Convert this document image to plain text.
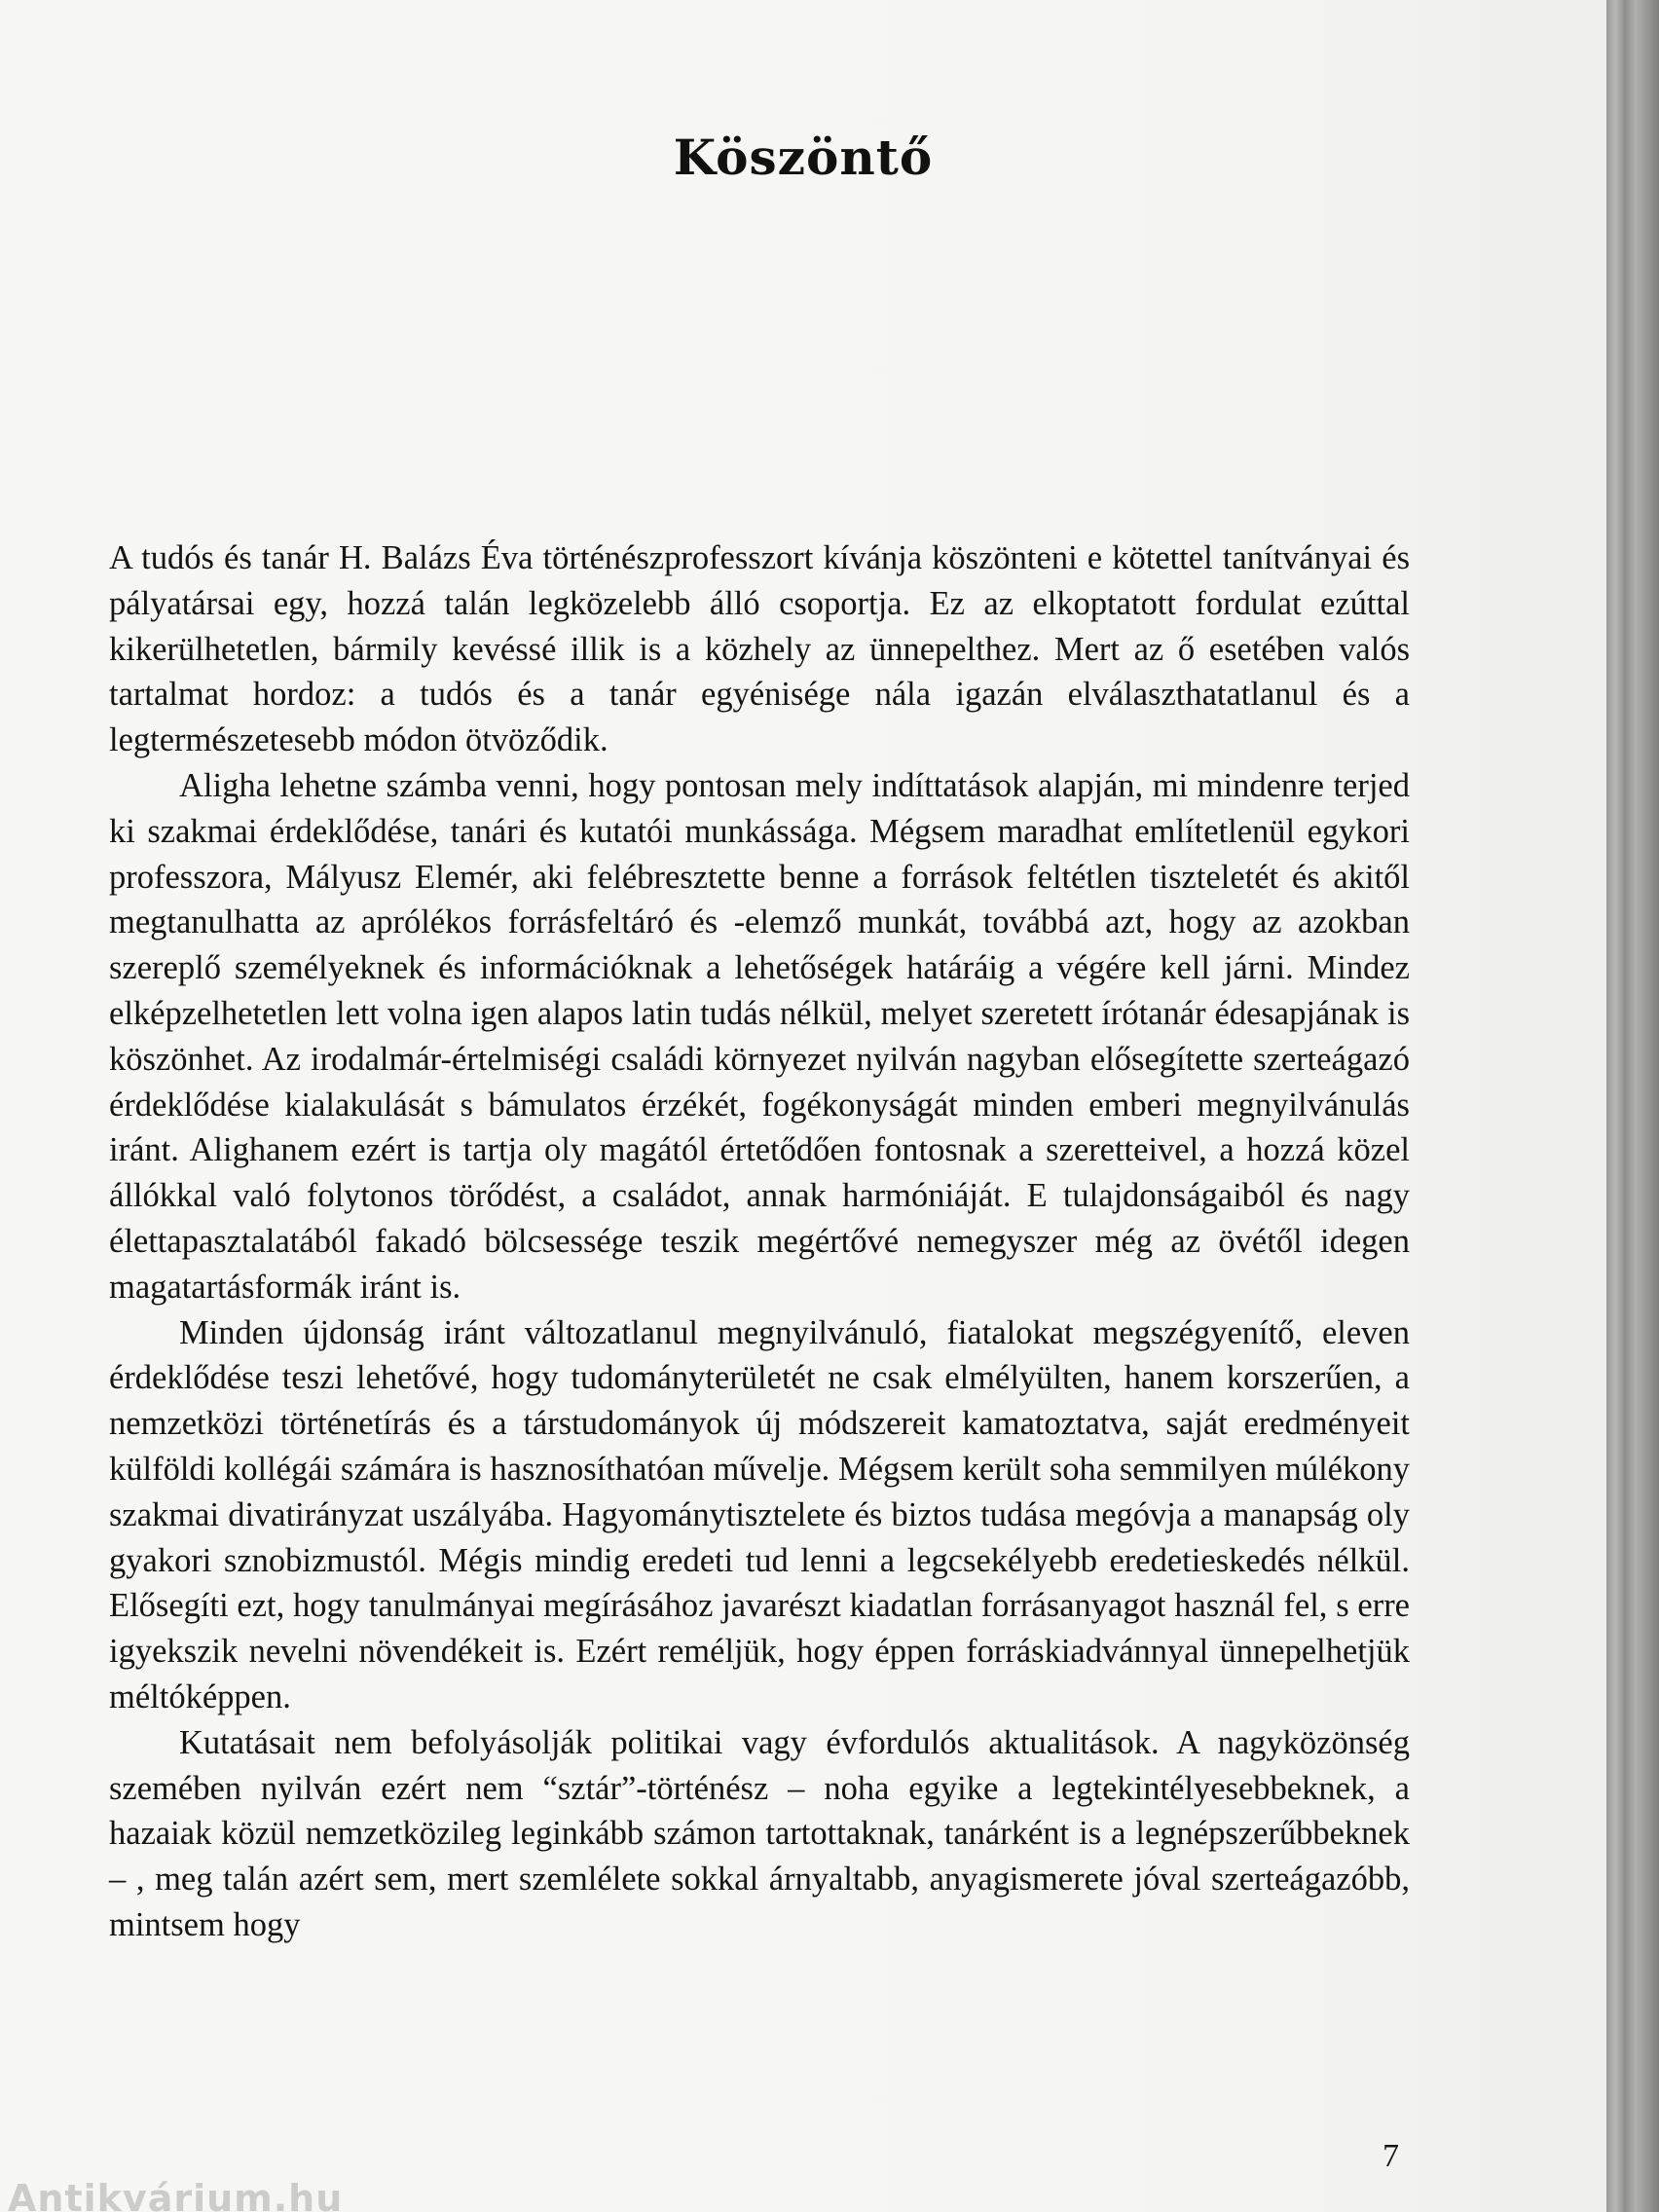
Köszöntő

A tudós és tanár H. Balázs Éva történészprofesszort kívánja köszönteni e kötettel tanítványai és pályatársai egy, hozzá talán legközelebb álló csoportja. Ez az elkoptatott fordulat ezúttal kikerülhetetlen, bármily kevéssé illik is a közhely az ünnepelthez. Mert az ő esetében valós tartalmat hordoz: a tudós és a tanár egyénisége nála igazán elválaszthatatlanul és a legtermészetesebb módon ötvöződik.

Aligha lehetne számba venni, hogy pontosan mely indíttatások alapján, mi mindenre terjed ki szakmai érdeklődése, tanári és kutatói munkássága. Mégsem maradhat említetlenül egykori professzora, Mályusz Elemér, aki felébresztette benne a források feltétlen tiszteletét és akitől megtanulhatta az aprólékos forrásfeltáró és -elemző munkát, továbbá azt, hogy az azokban szereplő személyeknek és információknak a lehetőségek határáig a végére kell járni. Mindez elképzelhetetlen lett volna igen alapos latin tudás nélkül, melyet szeretett írótanár édesapjának is köszönhet. Az irodalmár-értelmiségi családi környezet nyilván nagyban elősegítette szerteágazó érdeklődése kialakulását s bámulatos érzékét, fogékonyságát minden emberi megnyilvánulás iránt. Alighanem ezért is tartja oly magától értetődően fontosnak a szeretteivel, a hozzá közel állókkal való folytonos törődést, a családot, annak harmóniáját. E tulajdonságaiból és nagy élettapasztalatából fakadó bölcsessége teszik megértővé nemegyszer még az övétől idegen magatartásformák iránt is.

Minden újdonság iránt változatlanul megnyilvánuló, fiatalokat megszégyenítő, eleven érdeklődése teszi lehetővé, hogy tudományterületét ne csak elmélyülten, hanem korszerűen, a nemzetközi történetírás és a társtudományok új módszereit kamatoztatva, saját eredményeit külföldi kollégái számára is hasznosíthatóan művelje. Mégsem került soha semmilyen múlékony szakmai divatirányzat uszályába. Hagyománytisztelete és biztos tudása megóvja a manapság oly gyakori sznobizmustól. Mégis mindig eredeti tud lenni a legcsekélyebb eredetieskedés nélkül. Elősegíti ezt, hogy tanulmányai megírásához javarészt kiadatlan forrásanyagot használ fel, s erre igyekszik nevelni növendékeit is. Ezért reméljük, hogy éppen forráskiadvánnyal ünnepelhetjük méltóképpen.

Kutatásait nem befolyásolják politikai vagy évfordulós aktualitások. A nagyközönség szemében nyilván ezért nem “sztár”-történész – noha egyike a legtekintélyesebbeknek, a hazaiak közül nemzetközileg leginkább számon tartottaknak, tanárként is a legnépszerűbbeknek – , meg talán azért sem, mert szemlélete sokkal árnyaltabb, anyagismerete jóval szerteágazóbb, mintsem hogy

7
Antikvárium.hu
